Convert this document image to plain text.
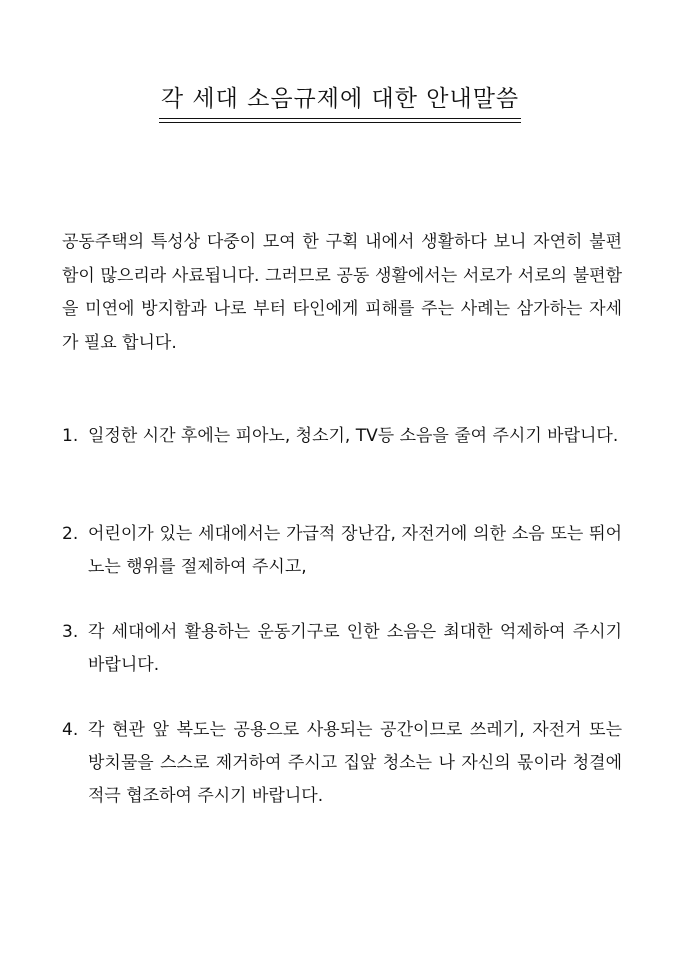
각 세대 소음규제에 대한 안내말씀

공동주택의 특성상 다중이 모여 한 구획 내에서 생활하다 보니 자연히 불편함이 많으리라 사료됩니다. 그러므로 공동 생활에서는 서로가 서로의 불편함을 미연에 방지함과 나로 부터 타인에게 피해를 주는 사례는 삼가하는 자세가 필요 합니다.

1. 일정한 시간 후에는 피아노, 청소기, TV등 소음을 줄여 주시기 바랍니다.
2. 어린이가 있는 세대에서는 가급적 장난감, 자전거에 의한 소음 또는 뛰어노는 행위를 절제하여 주시고,
3. 각 세대에서 활용하는 운동기구로 인한 소음은 최대한 억제하여 주시기 바랍니다.
4. 각 현관 앞 복도는 공용으로 사용되는 공간이므로 쓰레기, 자전거 또는 방치물을 스스로 제거하여 주시고 집앞 청소는 나 자신의 몫이라 청결에 적극 협조하여 주시기 바랍니다.
